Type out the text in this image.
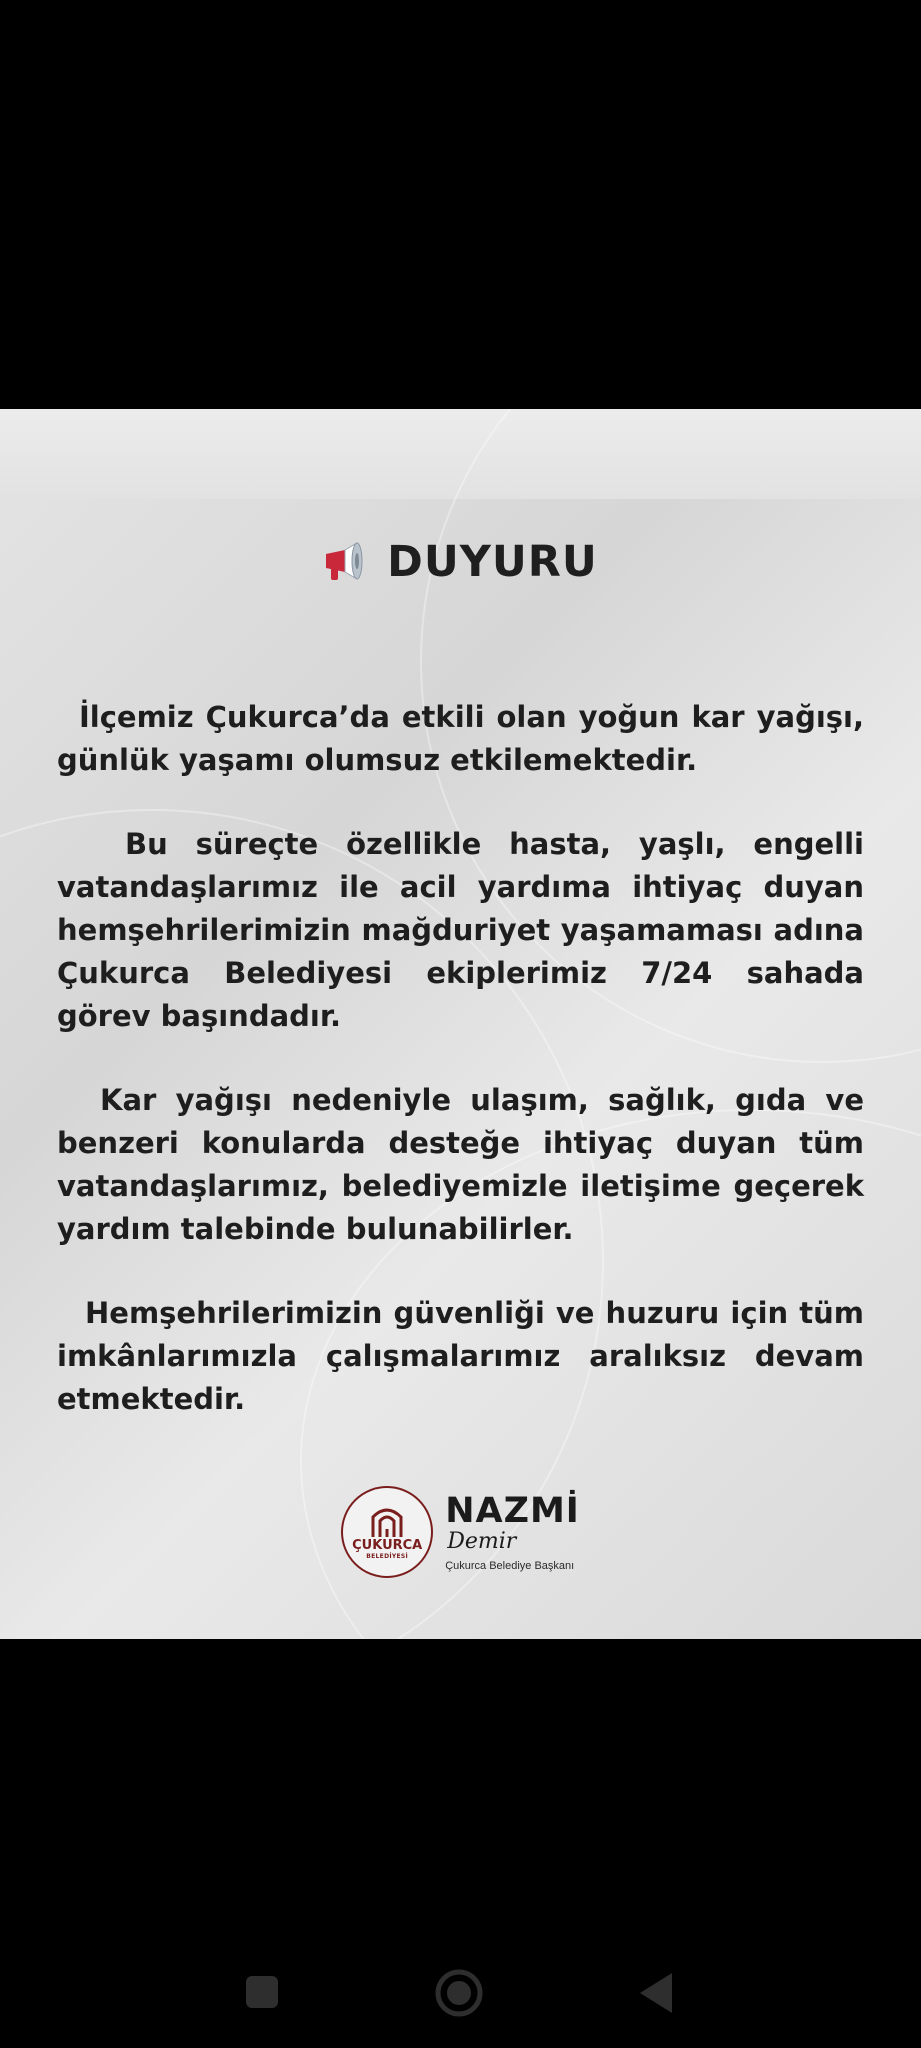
DUYURU

İlçemiz Çukurca’da etkili olan yoğun kar yağışı, günlük yaşamı olumsuz etkilemektedir.

Bu süreçte özellikle hasta, yaşlı, engelli vatandaşlarımız ile acil yardıma ihtiyaç duyan hemşehrilerimizin mağduriyet yaşamaması adına Çukurca Belediyesi ekiplerimiz 7/24 sahada görev başındadır.

Kar yağışı nedeniyle ulaşım, sağlık, gıda ve benzeri konularda desteğe ihtiyaç duyan tüm vatandaşlarımız, belediyemizle iletişime geçerek yardım talebinde bulunabilirler.

Hemşehrilerimizin güvenliği ve huzuru için tüm imkânlarımızla çalışmalarımız aralıksız devam etmektedir.

ÇUKURCA
BELEDİYESİ
NAZMİ
Demir
Çukurca Belediye Başkanı
